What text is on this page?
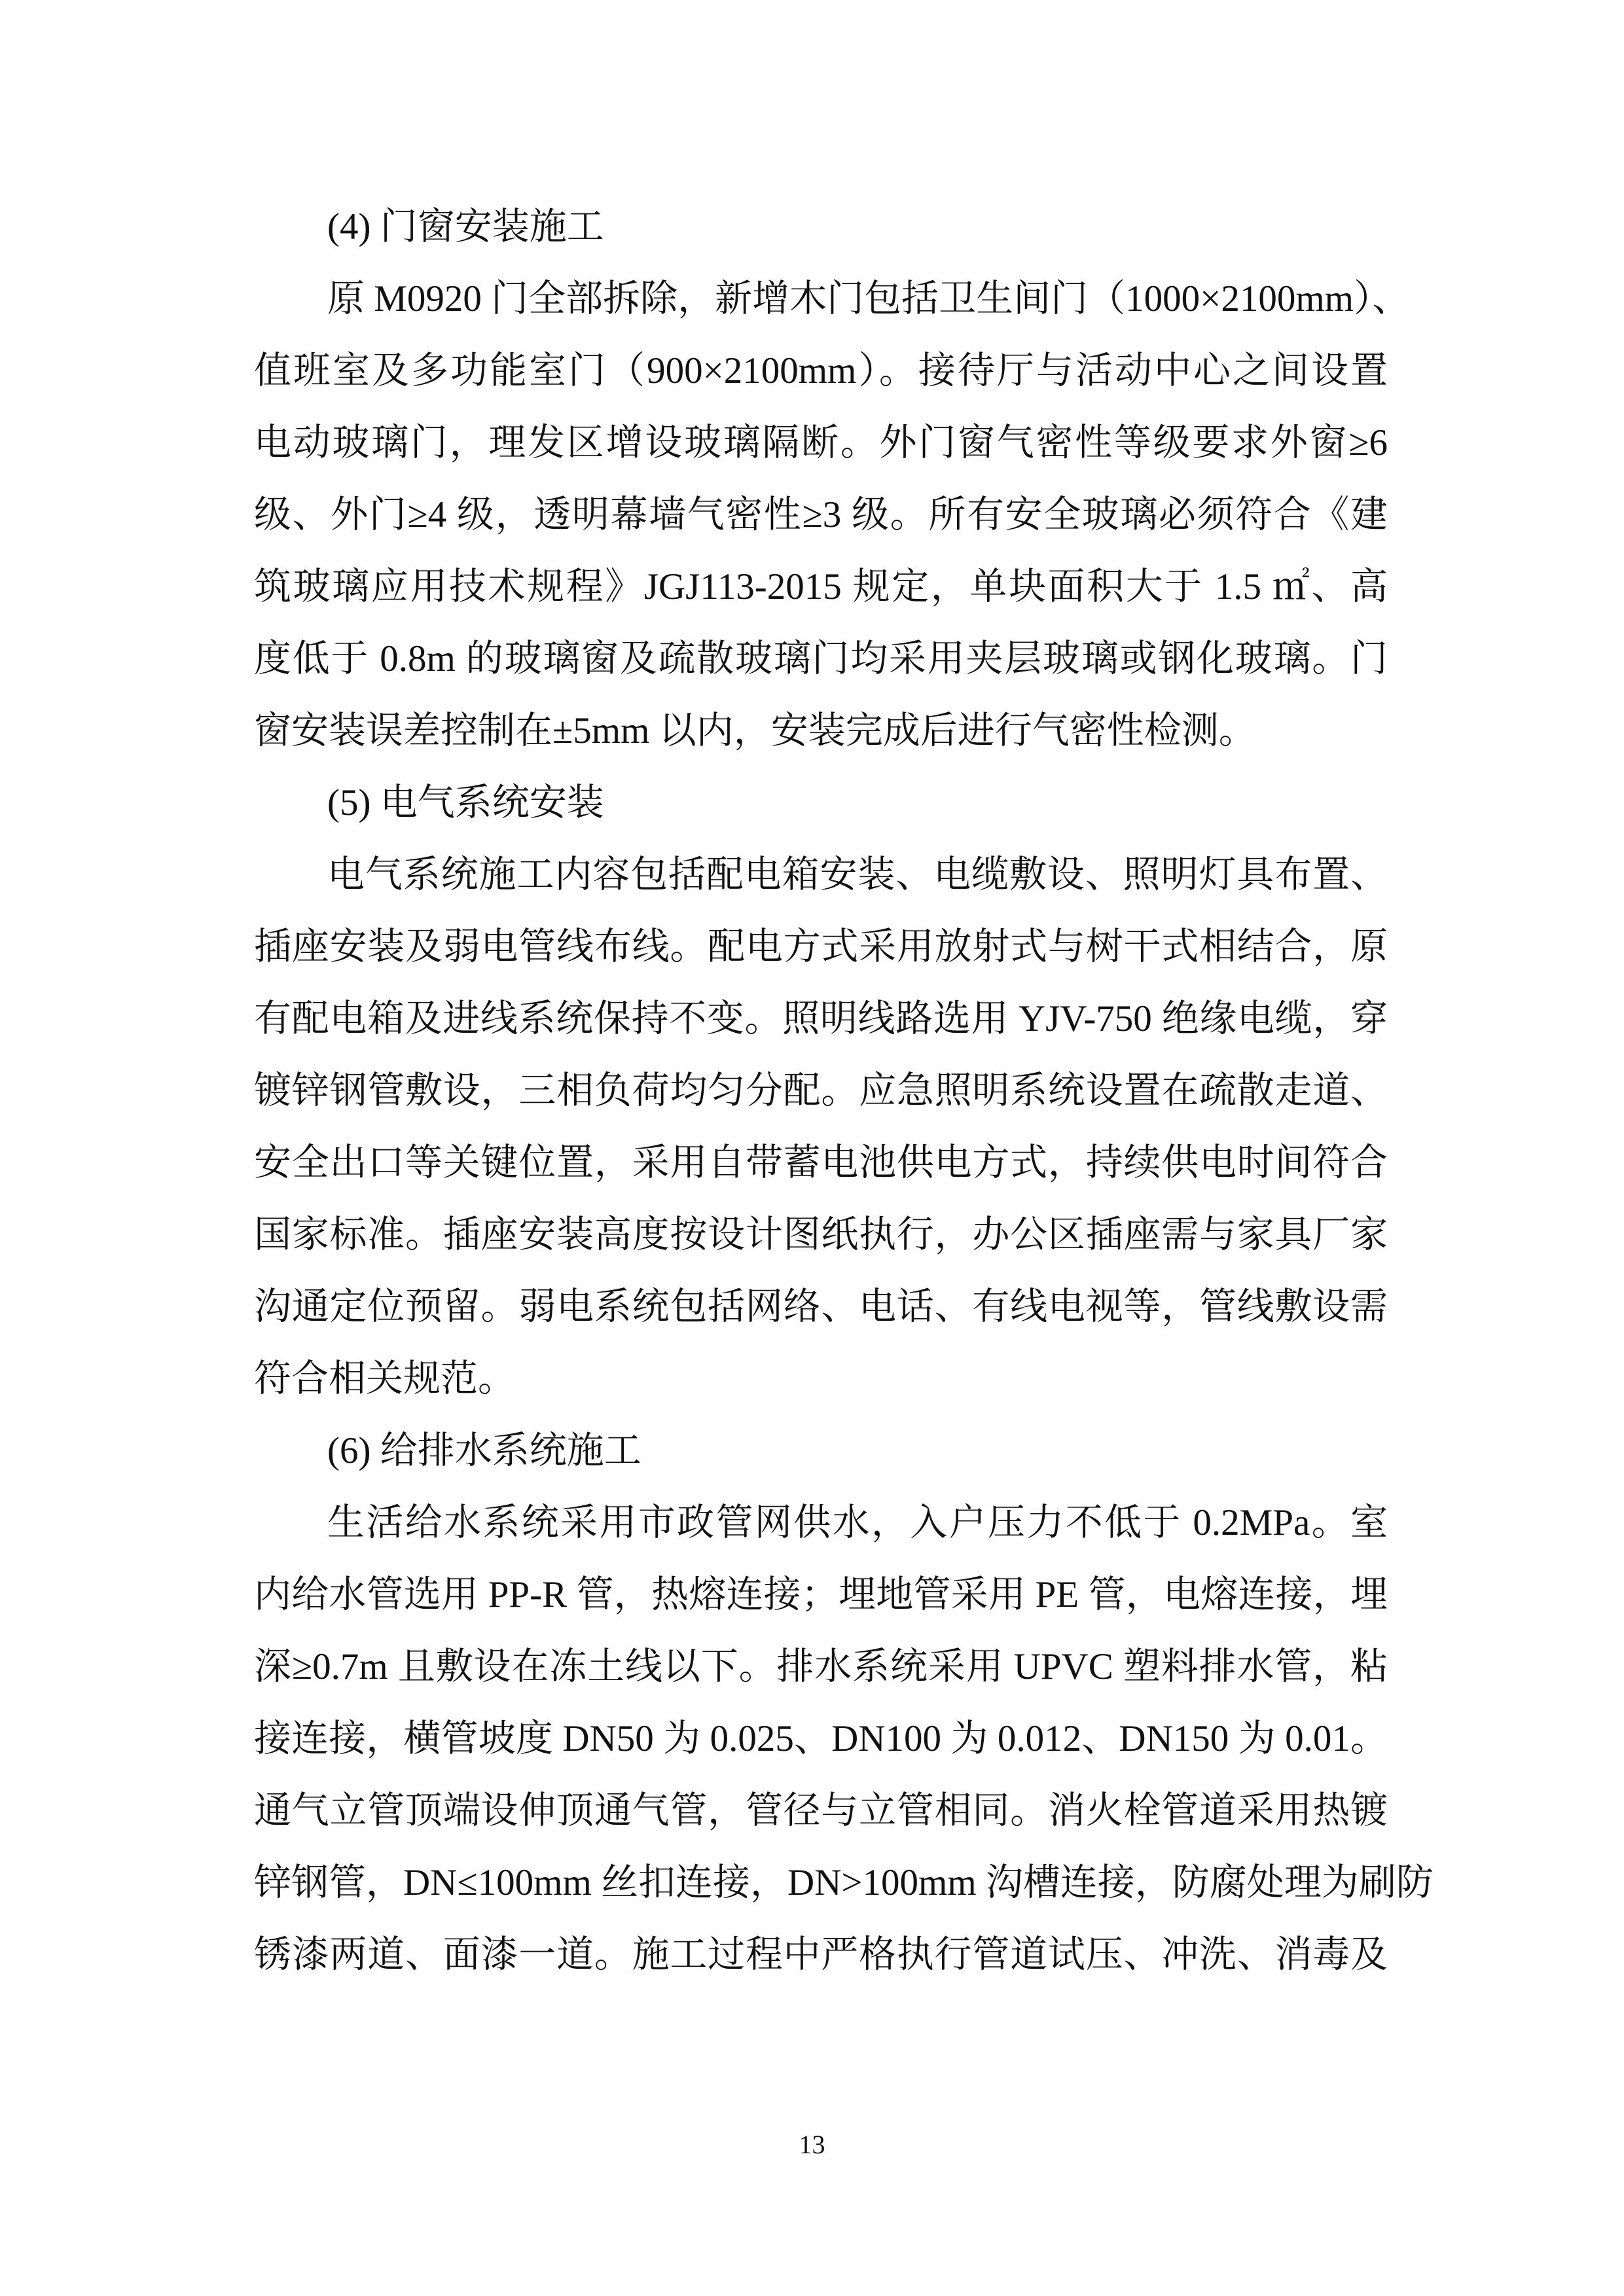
(4) 门窗安装施工
原 M0920 门全部拆除，新增木门包括卫生间门（1000×2100mm）、
值班室及多功能室门（900×2100mm）。接待厅与活动中心之间设置
电动玻璃门，理发区增设玻璃隔断。外门窗气密性等级要求外窗≥6
级、外门≥4 级，透明幕墙气密性≥3 级。所有安全玻璃必须符合《建
筑玻璃应用技术规程》JGJ113-2015 规定，单块面积大于 1.5 ㎡、高
度低于 0.8m 的玻璃窗及疏散玻璃门均采用夹层玻璃或钢化玻璃。门
窗安装误差控制在±5mm 以内，安装完成后进行气密性检测。
(5) 电气系统安装
电气系统施工内容包括配电箱安装、电缆敷设、照明灯具布置、
插座安装及弱电管线布线。配电方式采用放射式与树干式相结合，原
有配电箱及进线系统保持不变。照明线路选用 YJV-750 绝缘电缆，穿
镀锌钢管敷设，三相负荷均匀分配。应急照明系统设置在疏散走道、
安全出口等关键位置，采用自带蓄电池供电方式，持续供电时间符合
国家标准。插座安装高度按设计图纸执行，办公区插座需与家具厂家
沟通定位预留。弱电系统包括网络、电话、有线电视等，管线敷设需
符合相关规范。
(6) 给排水系统施工
生活给水系统采用市政管网供水，入户压力不低于 0.2MPa。室
内给水管选用 PP-R 管，热熔连接；埋地管采用 PE 管，电熔连接，埋
深≥0.7m 且敷设在冻土线以下。排水系统采用 UPVC 塑料排水管，粘
接连接，横管坡度 DN50 为 0.025、DN100 为 0.012、DN150 为 0.01。
通气立管顶端设伸顶通气管，管径与立管相同。消火栓管道采用热镀
锌钢管，DN≤100mm 丝扣连接，DN>100mm 沟槽连接，防腐处理为刷防
锈漆两道、面漆一道。施工过程中严格执行管道试压、冲洗、消毒及
13
